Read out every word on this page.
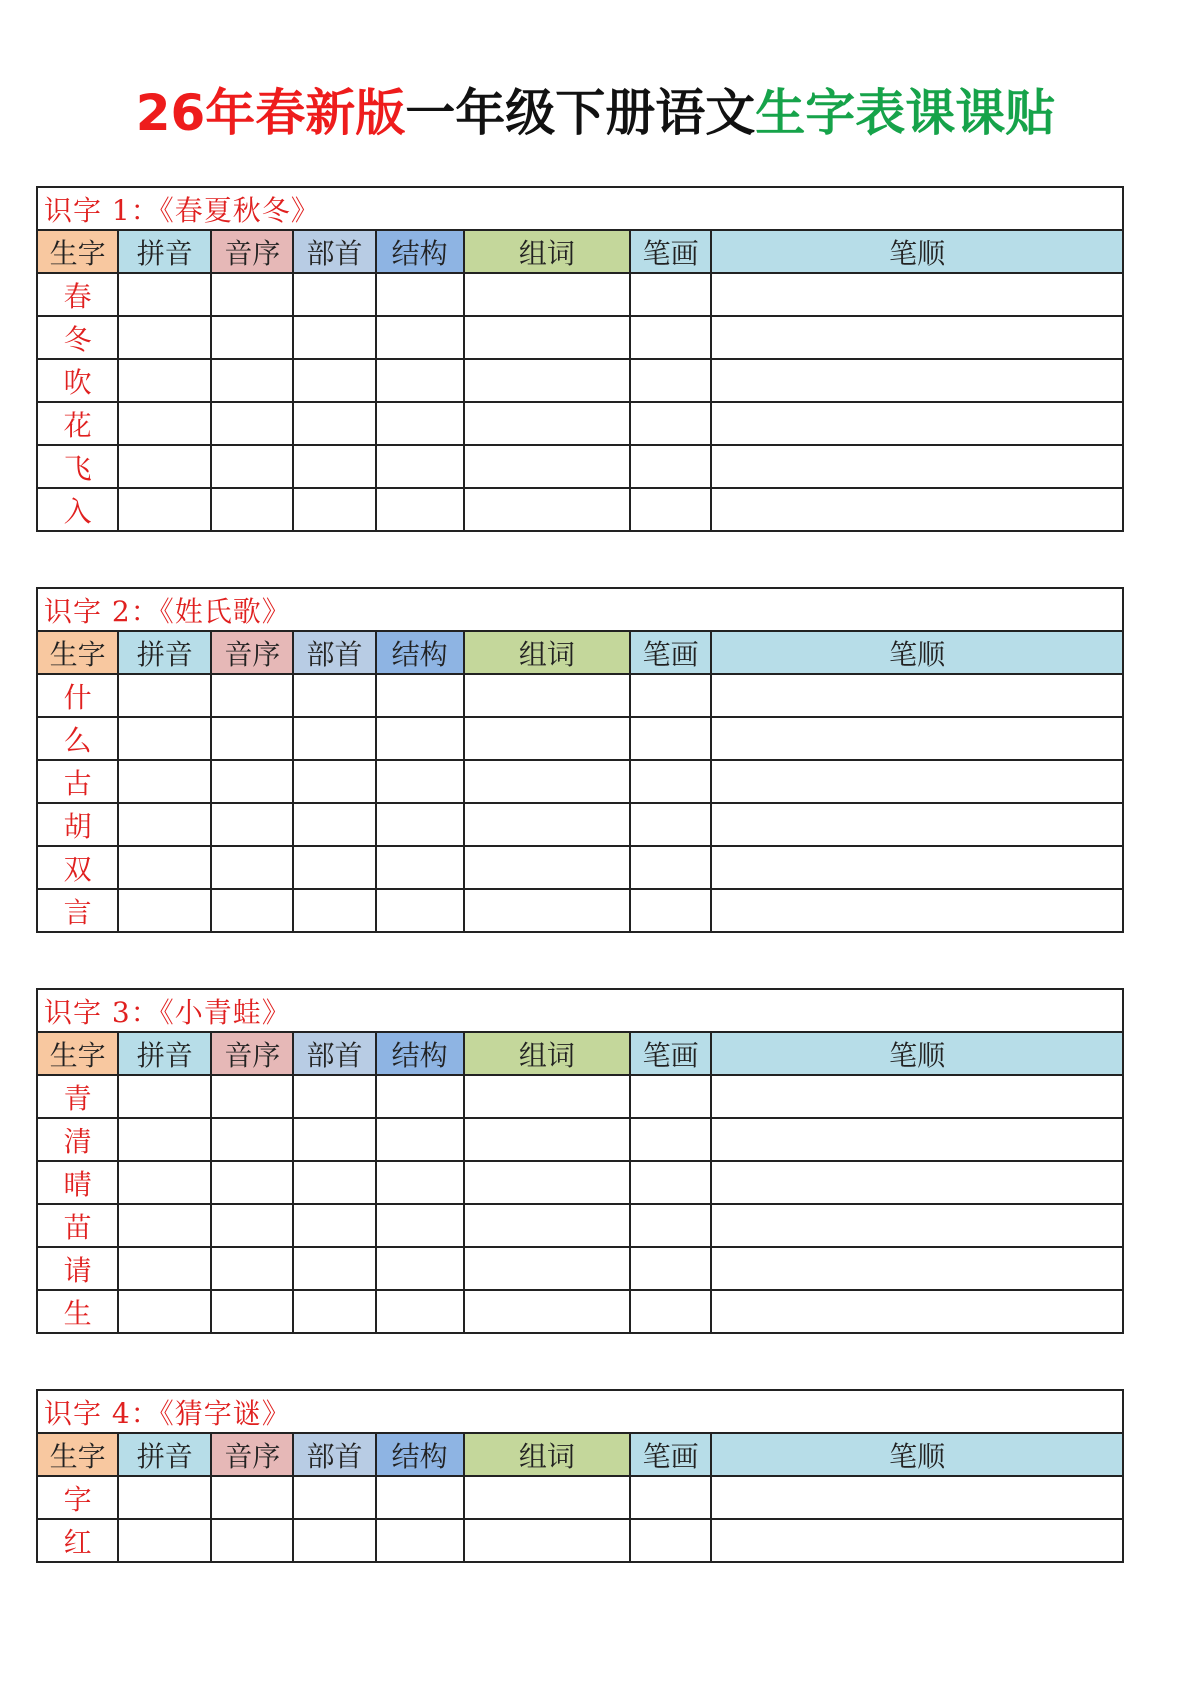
26年春新版一年级下册语文生字表课课贴
识字 1：《春夏秋冬》							
生字	拼音	音序	部首	结构	组词	笔画	笔顺
春							
冬							
吹							
花							
飞							
入							
识字 2：《姓氏歌》							
生字	拼音	音序	部首	结构	组词	笔画	笔顺
什							
么							
古							
胡							
双							
言							
识字 3：《小青蛙》							
生字	拼音	音序	部首	结构	组词	笔画	笔顺
青							
清							
晴							
苗							
请							
生							
识字 4：《猜字谜》							
生字	拼音	音序	部首	结构	组词	笔画	笔顺
字							
红							
